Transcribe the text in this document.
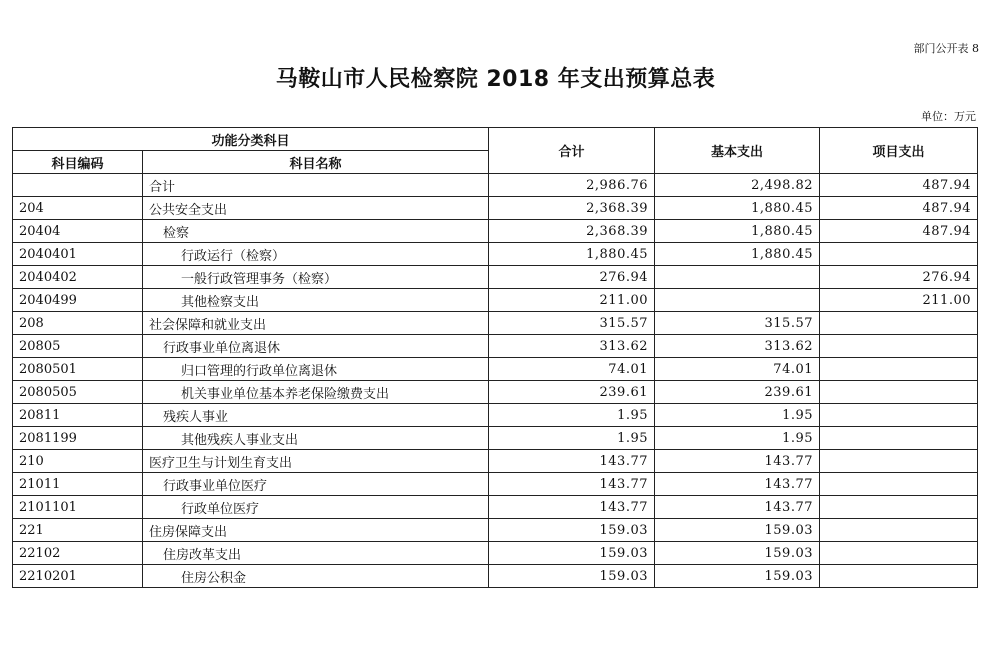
部门公开表 8
马鞍山市人民检察院 2018 年支出预算总表
单位：万元
功能分类科目		合计	基本支出	项目支出
科目编码	科目名称			
	合计	2,986.76	2,498.82	487.94
204	公共安全支出	2,368.39	1,880.45	487.94
20404	检察	2,368.39	1,880.45	487.94
2040401	行政运行（检察）	1,880.45	1,880.45	
2040402	一般行政管理事务（检察）	276.94		276.94
2040499	其他检察支出	211.00		211.00
208	社会保障和就业支出	315.57	315.57	
20805	行政事业单位离退休	313.62	313.62	
2080501	归口管理的行政单位离退休	74.01	74.01	
2080505	机关事业单位基本养老保险缴费支出	239.61	239.61	
20811	残疾人事业	1.95	1.95	
2081199	其他残疾人事业支出	1.95	1.95	
210	医疗卫生与计划生育支出	143.77	143.77	
21011	行政事业单位医疗	143.77	143.77	
2101101	行政单位医疗	143.77	143.77	
221	住房保障支出	159.03	159.03	
22102	住房改革支出	159.03	159.03	
2210201	住房公积金	159.03	159.03	
